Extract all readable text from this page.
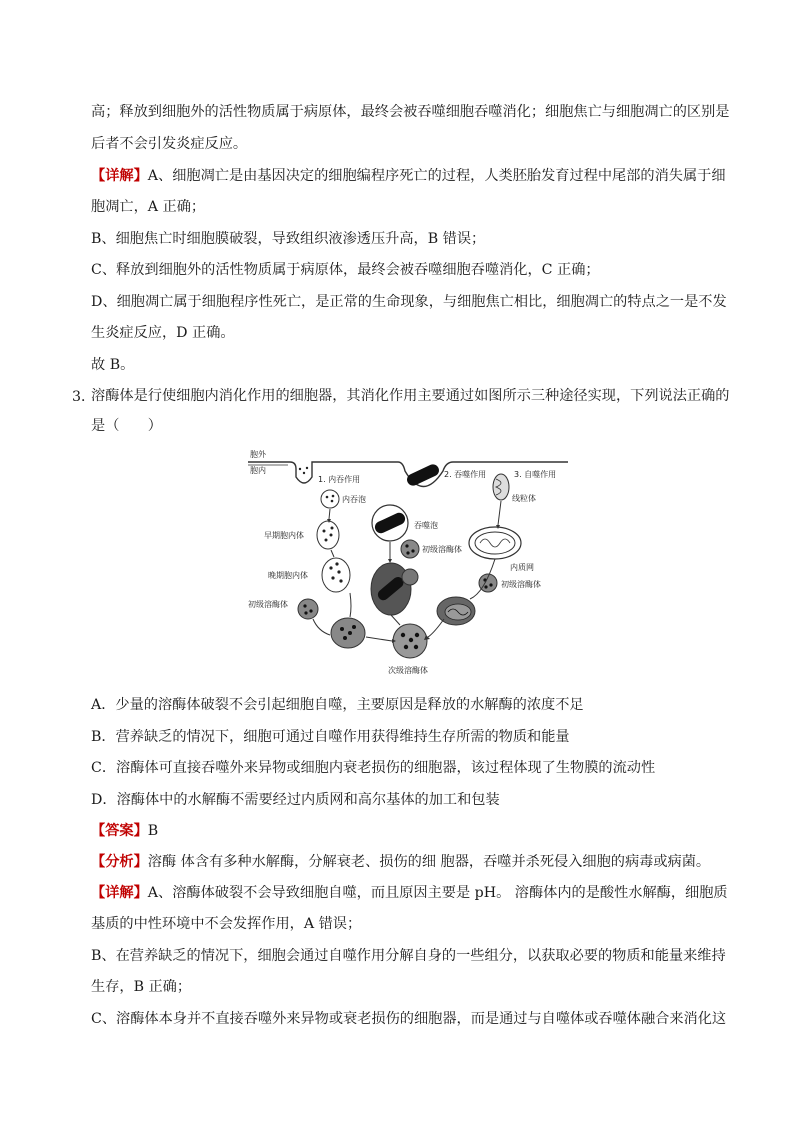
高；释放到细胞外的活性物质属于病原体，最终会被吞噬细胞吞噬消化；细胞焦亡与细胞凋亡的区别是
后者不会引发炎症反应。
【详解】A、细胞凋亡是由基因决定的细胞编程序死亡的过程，人类胚胎发育过程中尾部的消失属于细
胞凋亡，A 正确；
B、细胞焦亡时细胞膜破裂，导致组织液渗透压升高，B 错误；
C、释放到细胞外的活性物质属于病原体，最终会被吞噬细胞吞噬消化，C 正确；
D、细胞凋亡属于细胞程序性死亡，是正常的生命现象，与细胞焦亡相比，细胞凋亡的特点之一是不发
生炎症反应，D 正确。
故 B。
3．
溶酶体是行使细胞内消化作用的细胞器，其消化作用主要通过如图所示三种途径实现，下列说法正确的
是（　　）
胞外
胞内
1. 内吞作用
内吞泡
2. 吞噬作用	3. 自噬作用
线粒体
早期胞内体
吞噬泡
初级溶酶体
内质网
晚期胞内体
初级溶酶体
初级溶酶体
次级溶酶体
A．少量的溶酶体破裂不会引起细胞自噬，主要原因是释放的水解酶的浓度不足
B．营养缺乏的情况下，细胞可通过自噬作用获得维持生存所需的物质和能量
C．溶酶体可直接吞噬外来异物或细胞内衰老损伤的细胞器，该过程体现了生物膜的流动性
D．溶酶体中的水解酶不需要经过内质网和高尔基体的加工和包装
【答案】B
【分析】溶酶 体含有多种水解酶，分解衰老、损伤的细 胞器，吞噬并杀死侵入细胞的病毒或病菌。
【详解】A、溶酶体破裂不会导致细胞自噬，而且原因主要是 pH。 溶酶体内的是酸性水解酶，细胞质
基质的中性环境中不会发挥作用，A 错误；
B、在营养缺乏的情况下，细胞会通过自噬作用分解自身的一些组分，以获取必要的物质和能量来维持
生存，B 正确；
C、溶酶体本身并不直接吞噬外来异物或衰老损伤的细胞器，而是通过与自噬体或吞噬体融合来消化这
